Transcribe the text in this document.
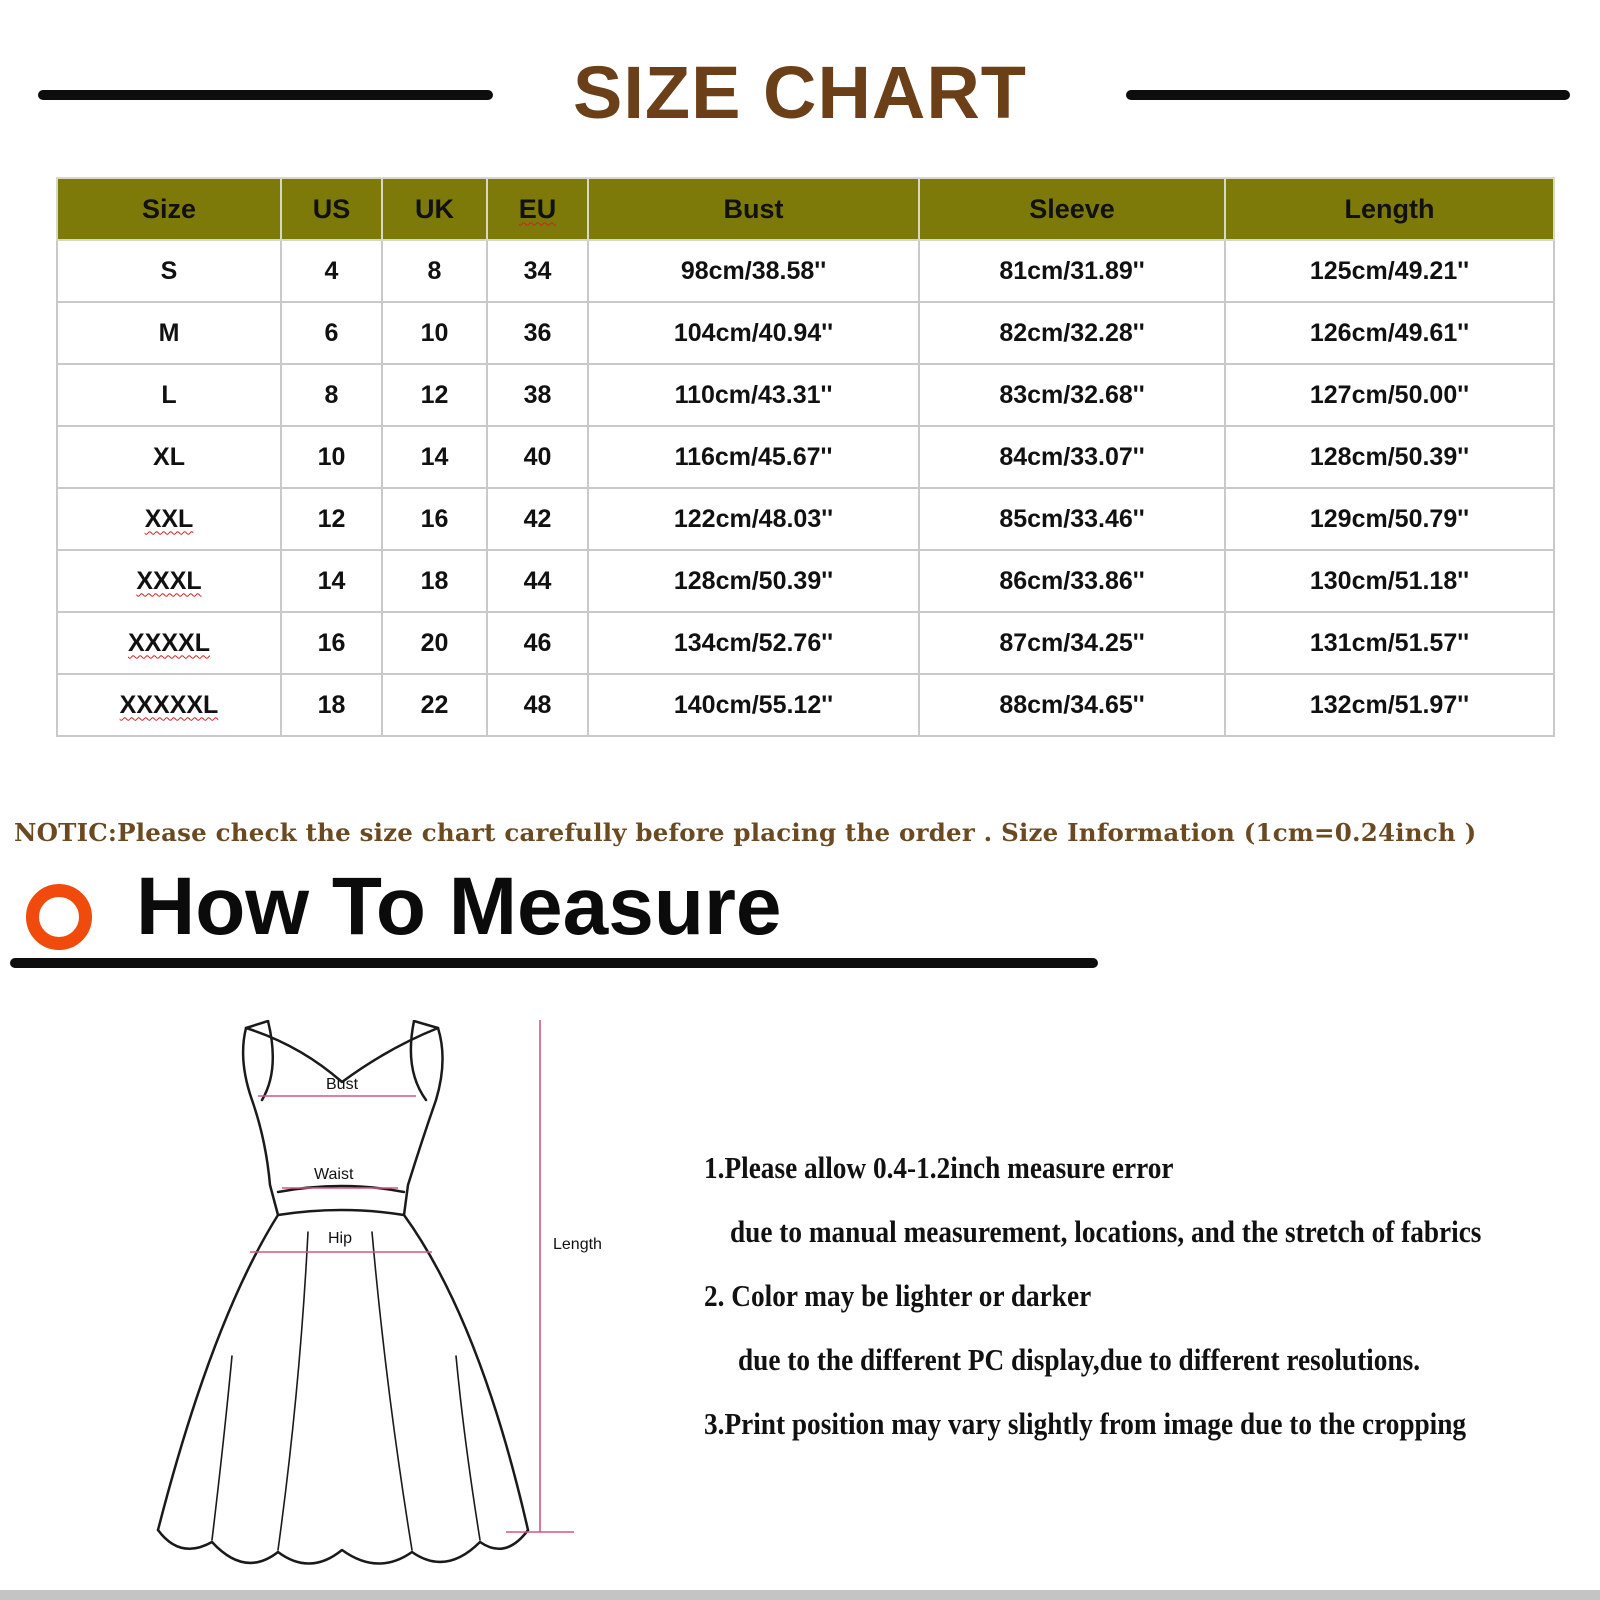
SIZE CHART
Size	US	UK	EU	Bust	Sleeve	Length
S	4	8	34	98cm/38.58''	81cm/31.89''	125cm/49.21''
M	6	10	36	104cm/40.94''	82cm/32.28''	126cm/49.61''
L	8	12	38	110cm/43.31''	83cm/32.68''	127cm/50.00''
XL	10	14	40	116cm/45.67''	84cm/33.07''	128cm/50.39''
XXL	12	16	42	122cm/48.03''	85cm/33.46''	129cm/50.79''
XXXL	14	18	44	128cm/50.39''	86cm/33.86''	130cm/51.18''
XXXXL	16	20	46	134cm/52.76''	87cm/34.25''	131cm/51.57''
XXXXXL	18	22	48	140cm/55.12''	88cm/34.65''	132cm/51.97''
NOTIC:Please check the size chart carefully before placing the order . Size Information (1cm=0.24inch )
How To Measure
Bust
Waist
Hip	Length
1.Please allow 0.4-1.2inch measure error
due to manual measurement, locations, and the stretch of fabrics
2. Color may be lighter or darker
due to the different PC display,due to different resolutions.
3.Print position may vary slightly from image due to the cropping
